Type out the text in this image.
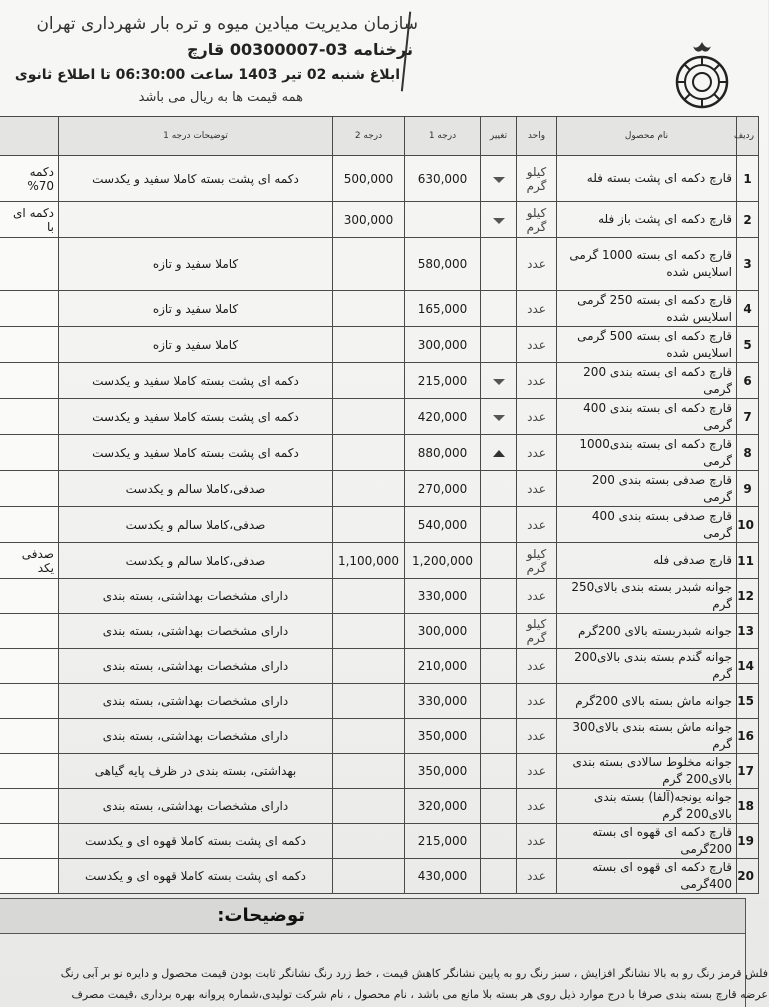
سازمان مدیریت میادین میوه و تره بار شهرداری تهران
نرخنامه 03-00300007 قارچ
ابلاغ شنبه 02 تیر 1403 ساعت 06:30:00 تا اطلاع ثانوی
همه قیمت ها به ریال می باشد
ردیف	نام محصول	واحد	تغییر	درجه 1	درجه 2	توضیحات درجه 1	
1	قارچ دکمه ای پشت بسته فله	کیلو گرم		630,000	500,000	دکمه ای پشت بسته کاملا سفید و یکدست	دکمه 70%
2	قارچ دکمه ای پشت باز فله	کیلو گرم			300,000		دکمه ای با
3	قارچ دکمه ای بسته 1000 گرمی اسلایس شده	عدد		580,000		کاملا سفید و تازه	
4	قارچ دکمه ای بسته 250 گرمی اسلایس شده	عدد		165,000		کاملا سفید و تازه	
5	قارچ دکمه ای بسته 500 گرمی اسلایس شده	عدد		300,000		کاملا سفید و تازه	
6	قارچ دکمه ای بسته بندی 200 گرمی	عدد		215,000		دکمه ای پشت بسته کاملا سفید و یکدست	
7	قارچ دکمه ای بسته بندی 400 گرمی	عدد		420,000		دکمه ای پشت بسته کاملا سفید و یکدست	
8	قارچ دکمه ای بسته بندی1000 گرمی	عدد		880,000		دکمه ای پشت بسته کاملا سفید و یکدست	
9	قارچ صدفی بسته بندی 200 گرمی	عدد		270,000		صدفی،کاملا سالم و یکدست	
10	قارچ صدفی بسته بندی 400 گرمی	عدد		540,000		صدفی،کاملا سالم و یکدست	
11	قارچ صدفی فله	کیلو گرم		1,200,000	1,100,000	صدفی،کاملا سالم و یکدست	صدفی یکد
12	جوانه شبدر بسته بندی بالای250 گرم	عدد		330,000		دارای مشخصات بهداشتی، بسته بندی	
13	جوانه شبدربسته بالای 200گرم	کیلو گرم		300,000		دارای مشخصات بهداشتی، بسته بندی	
14	جوانه گندم بسته بندی بالای200 گرم	عدد		210,000		دارای مشخصات بهداشتی، بسته بندی	
15	جوانه ماش بسته بالای 200گرم	عدد		330,000		دارای مشخصات بهداشتی، بسته بندی	
16	جوانه ماش بسته بندی بالای300 گرم	عدد		350,000		دارای مشخصات بهداشتی، بسته بندی	
17	جوانه مخلوط سالادی بسته بندی بالای200 گرم	عدد		350,000		بهداشتی، بسته بندی در ظرف پایه گیاهی	
18	جوانه یونجه(آلفا) بسته بندی بالای200 گرم	عدد		320,000		دارای مشخصات بهداشتی، بسته بندی	
19	قارچ دکمه ای قهوه ای بسته 200گرمی	عدد		215,000		دکمه ای پشت بسته کاملا قهوه ای و یکدست	
20	قارچ دکمه ای قهوه ای بسته 400گرمی	عدد		430,000		دکمه ای پشت بسته کاملا قهوه ای و یکدست	
توضیحات:
فلش قرمز رنگ رو به بالا نشانگر افزایش ، سبز رنگ رو به پایین نشانگر کاهش قیمت ، خط زرد رنگ نشانگر ثابت بودن قیمت محصول و دایره نو بر آبی رنگ
عرضه قارچ بسته بندی صرفا با درج موارد ذیل روی هر بسته بلا مانع می باشد ، نام محصول ، نام شرکت تولیدی،شماره پروانه بهره برداری ،قیمت مصرف
